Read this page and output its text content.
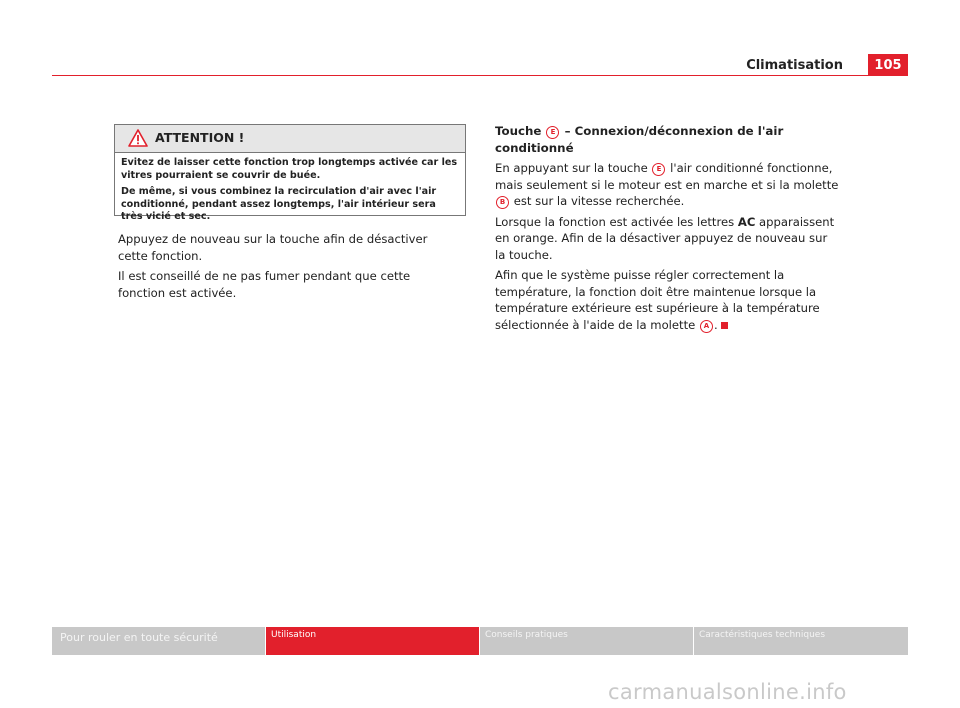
Climatisation	105
ATTENTION !

Evitez de laisser cette fonction trop longtemps activée car les vitres pourraient se couvrir de buée.

De même, si vous combinez la recirculation d'air avec l'air conditionné, pendant assez longtemps, l'air intérieur sera très vicié et sec.

Appuyez de nouveau sur la touche afin de désactiver cette fonction.

Il est conseillé de ne pas fumer pendant que cette fonction est activée.

Touche E – Connexion/déconnexion de l'air conditionné

En appuyant sur la touche E l'air conditionné fonctionne, mais seulement si le moteur est en marche et si la molette B est sur la vitesse recherchée.

Lorsque la fonction est activée les lettres AC apparaissent en orange. Afin de la désactiver appuyez de nouveau sur la touche.

Afin que le système puisse régler correctement la température, la fonction doit être maintenue lorsque la température extérieure est supérieure à la température sélectionnée à l'aide de la molette A .

Pour rouler en toute sécurité	Utilisation	Conseils pratiques	Caractéristiques techniques
carmanualsonline.info
